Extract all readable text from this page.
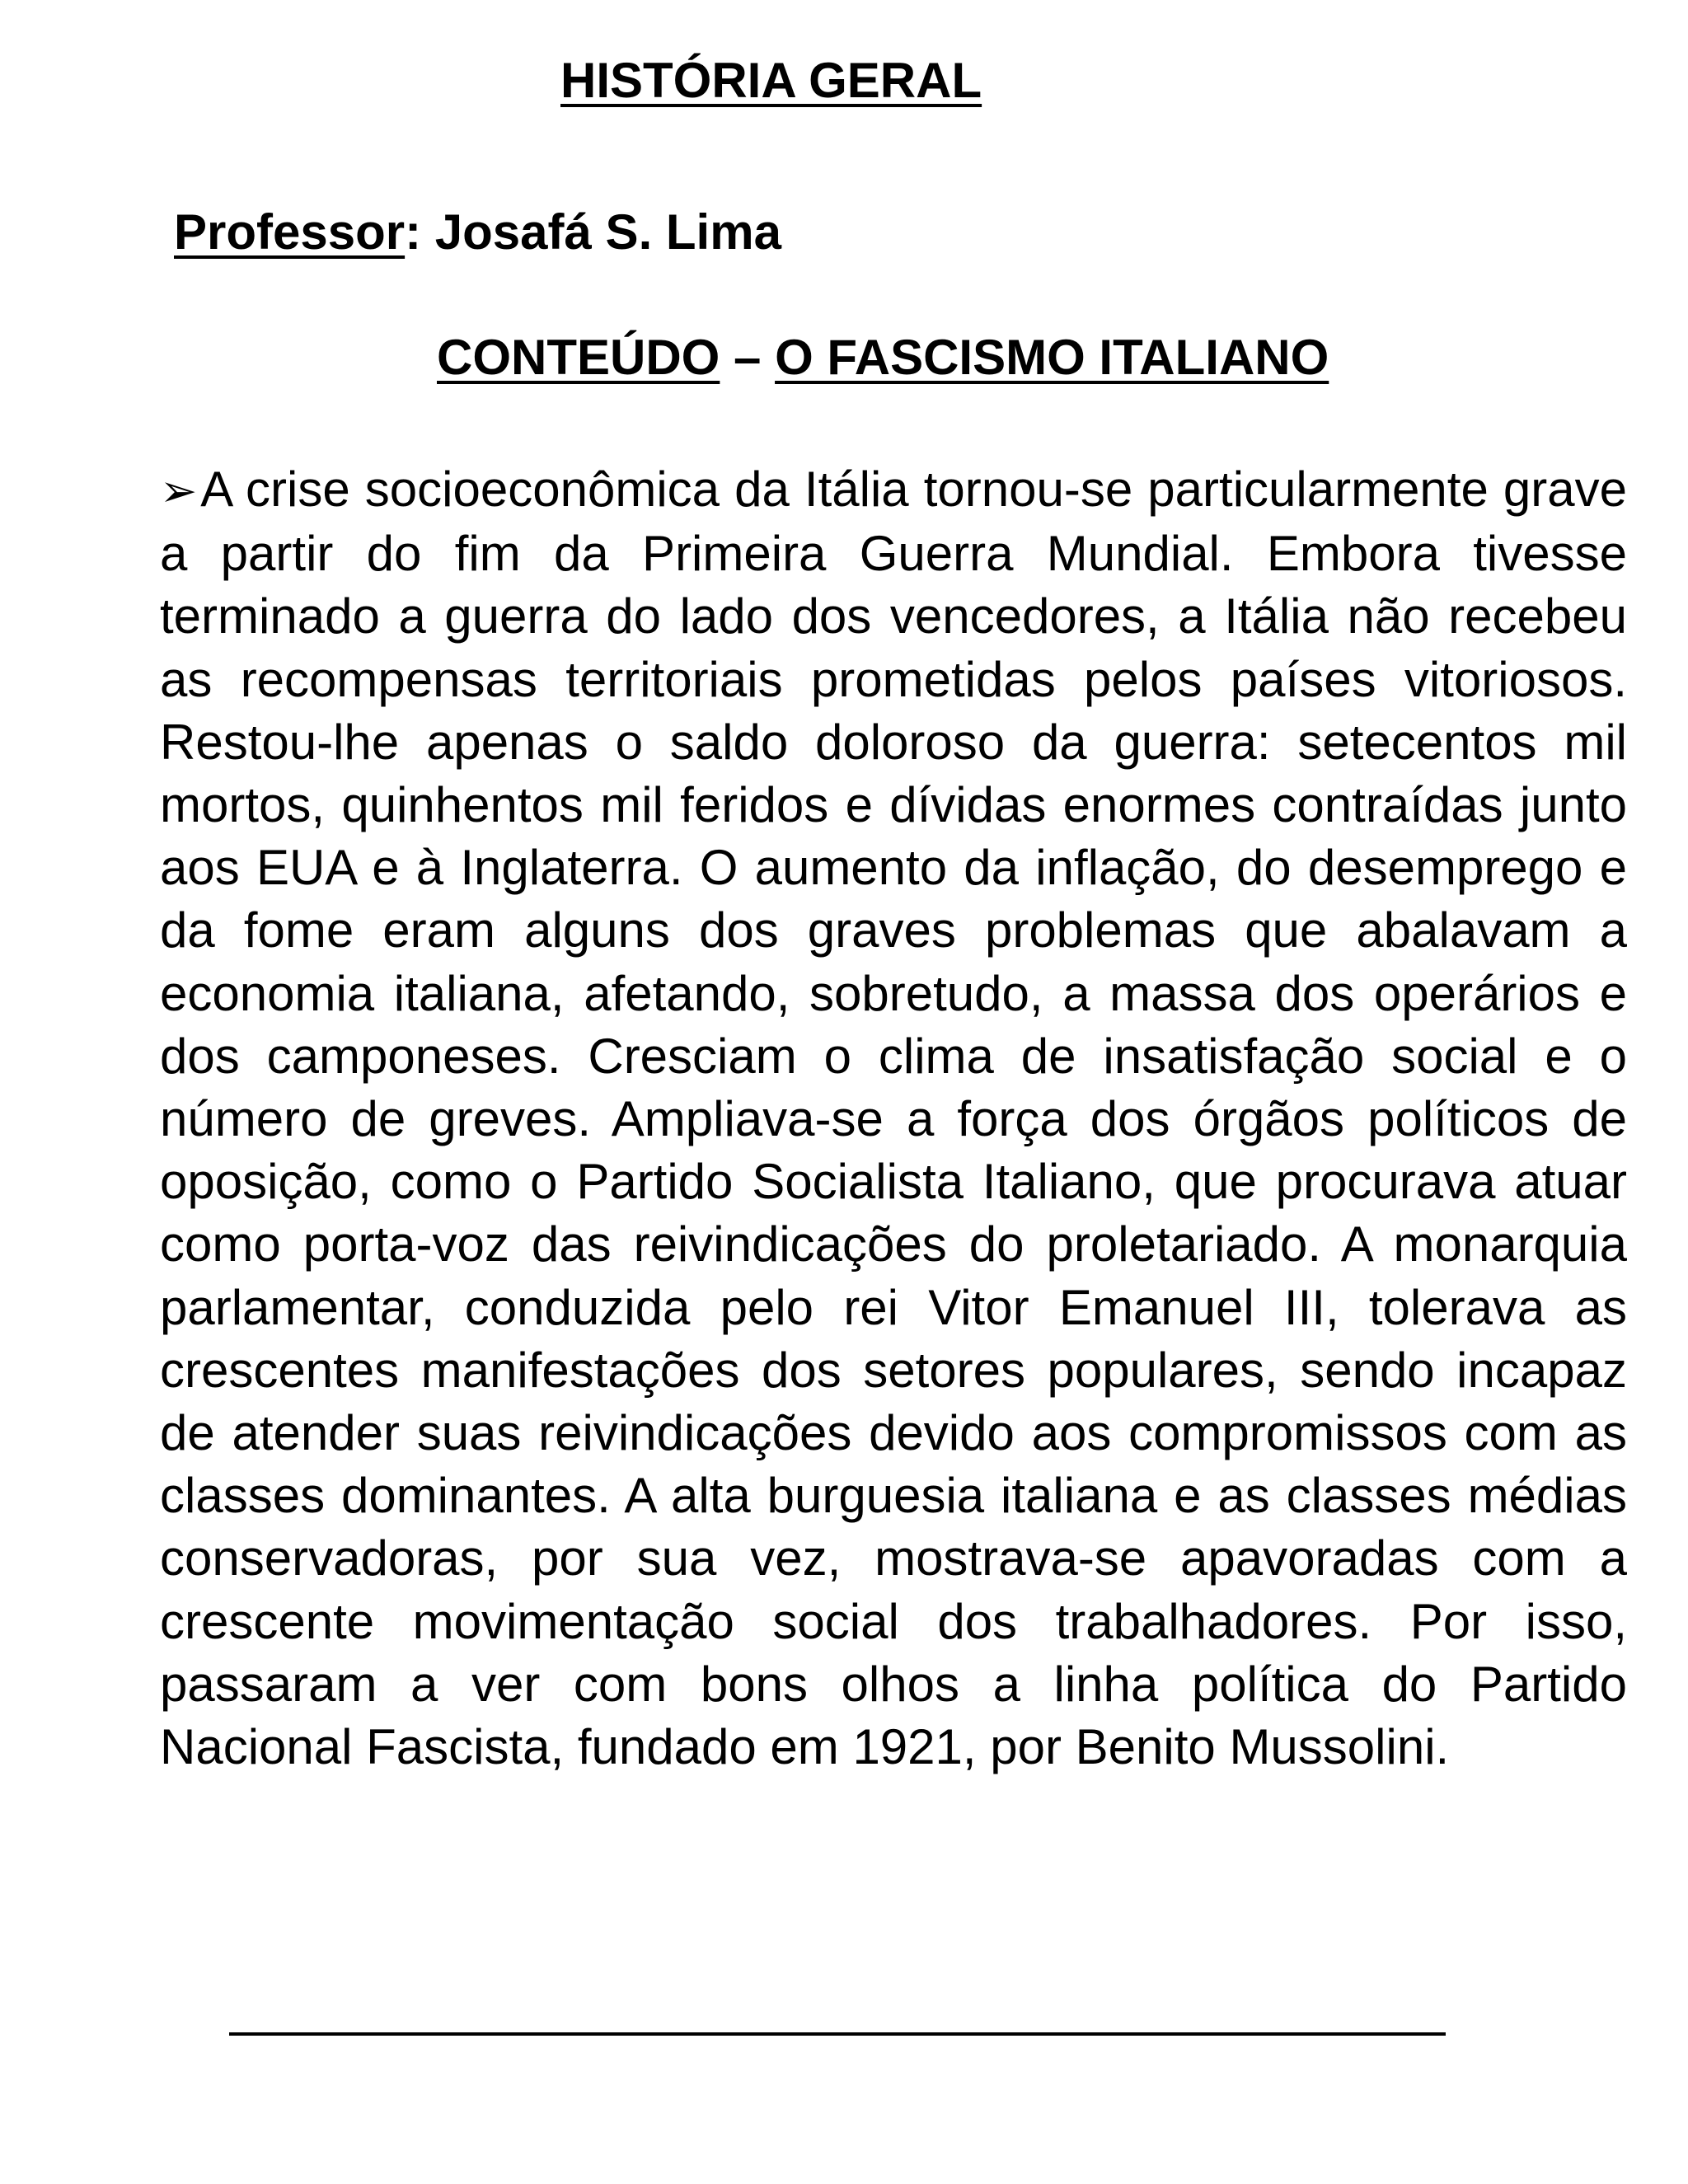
HISTÓRIA GERAL
Professor: Josafá S. Lima
CONTEÚDO – O FASCISMO ITALIANO

➢A crise socioeconômica da Itália tornou-se particularmente grave a partir do fim da Primeira Guerra Mundial. Embora tivesse terminado a guerra do lado dos vencedores, a Itália não recebeu as recompensas territoriais prometidas pelos países vitoriosos. Restou-lhe apenas o saldo doloroso da guerra: setecentos mil mortos, quinhentos mil feridos e dívidas enormes contraídas junto aos EUA e à Inglaterra. O aumento da inflação, do desemprego e da fome eram alguns dos graves problemas que abalavam a economia italiana, afetando, sobretudo, a massa dos operários e dos camponeses. Cresciam o clima de insatisfação social e o número de greves. Ampliava-se a força dos órgãos políticos de oposição, como o Partido Socialista Italiano, que procurava atuar como porta-voz das reivindicações do proletariado. A monarquia parlamentar, conduzida pelo rei Vitor Emanuel III, tolerava as crescentes manifestações dos setores populares, sendo incapaz de atender suas reivindicações devido aos compromissos com as classes dominantes. A alta burguesia italiana e as classes médias conservadoras, por sua vez, mostrava-se apavoradas com a crescente movimentação social dos trabalhadores. Por isso, passaram a ver com bons olhos a linha política do Partido Nacional Fascista, fundado em 1921, por Benito Mussolini.
